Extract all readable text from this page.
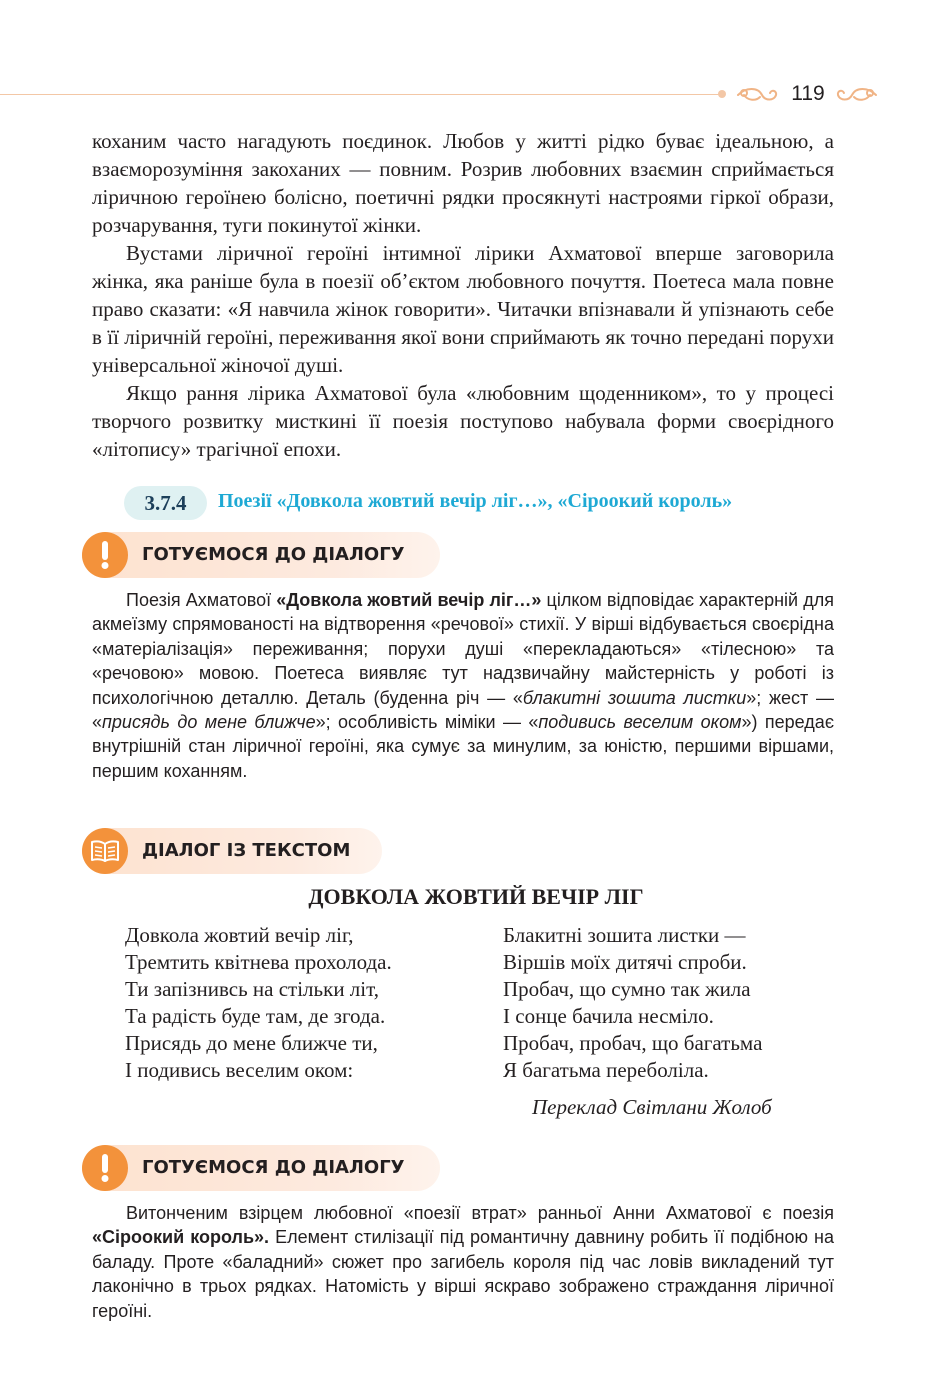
119

коханим часто нагадують поєдинок. Любов у житті рідко буває ідеальною, а взаєморозуміння закоханих — повним. Розрив любовних взаємин сприймається ліричною героїнею болісно, поетичні рядки просякнуті настроями гіркої образи, розчарування, туги покинутої жінки.

Вустами ліричної героїні інтимної лірики Ахматової вперше заговорила жінка, яка раніше була в поезії об’єктом любовного почуття. Поетеса мала повне право сказати: «Я навчила жінок говорити». Читачки впізнавали й упізнають себе в її ліричній героїні, переживання якої вони сприймають як точно передані порухи універсальної жіночої душі.

Якщо рання лірика Ахматової була «любовним щоденником», то у процесі творчого розвитку мисткині її поезія поступово набувала форми своєрідного «літопису» трагічної епохи.

3.7.4	Поезії «Довкола жовтий вечір ліг…», «Сіроокий король»
ГОТУЄМОСЯ ДО ДІАЛОГУ

Поезія Ахматової «Довкола жовтий вечір ліг…» цілком відповідає характерній для акмеїзму спрямованості на відтворення «речової» стихії. У вірші відбувається своєрідна «матеріалізація» переживання; порухи душі «перекладаються» «тілесною» та «речовою» мовою. Поетеса виявляє тут надзвичайну майстерність у роботі із психологічною деталлю. Деталь (буденна річ — «блакитні зошита листки»; жест — «присядь до мене ближче»; особливість міміки — «подивись веселим оком») передає внутрішній стан ліричної героїні, яка сумує за минулим, за юністю, першими віршами, першим коханням.

ДІАЛОГ ІЗ ТЕКСТОМ

ДОВКОЛА ЖОВТИЙ ВЕЧІР ЛІГ

Довкола жовтий вечір ліг,
Тремтить квітнева прохолода.
Ти запізнивсь на стільки літ,
Та радість буде там, де згода.
Присядь до мене ближче ти,
І подивись веселим оком:
Блакитні зошита листки —
Віршів моїх дитячі спроби.
Пробач, що сумно так жила
І сонце бачила несміло.
Пробач, пробач, що багатьма
Я багатьма переболіла.
Переклад Світлани Жолоб
ГОТУЄМОСЯ ДО ДІАЛОГУ

Витонченим взірцем любовної «поезії втрат» ранньої Анни Ахматової є поезія «Сіроокий король». Елемент стилізації під романтичну давнину робить її подібною на баладу. Проте «баладний» сюжет про загибель короля під час ловів викладений тут лаконічно в трьох рядках. Натомість у вірші яскраво зображено страждання ліричної героїні.
